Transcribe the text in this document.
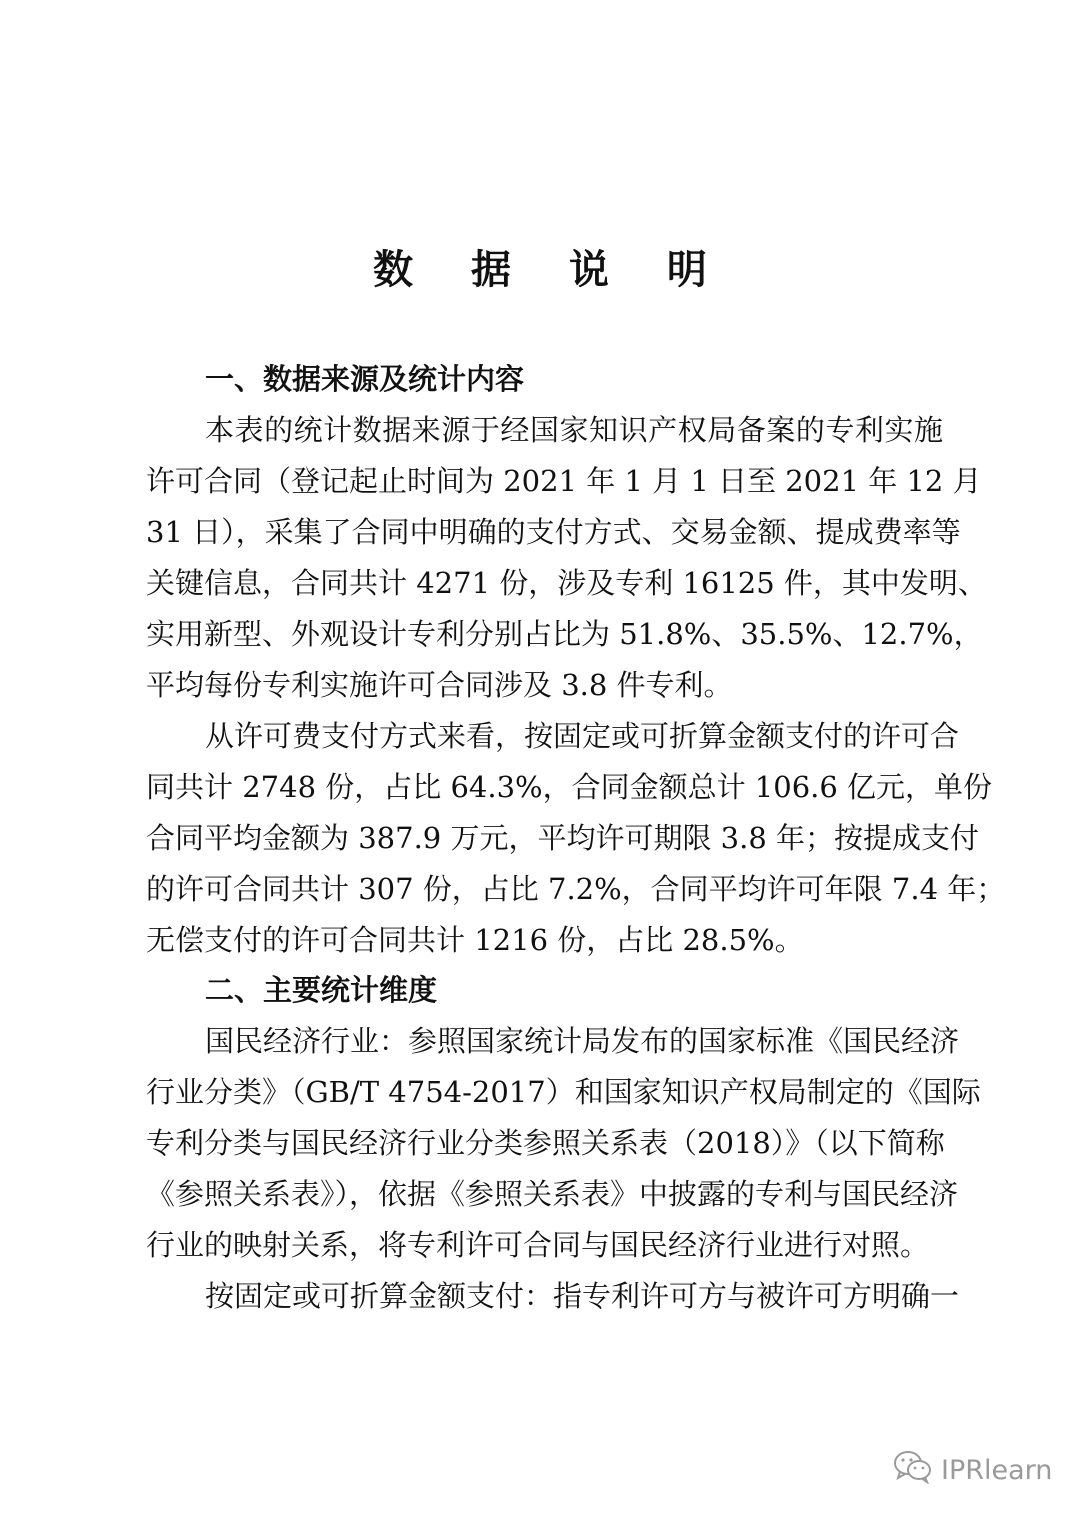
数 据 说 明
一、数据来源及统计内容
本表的统计数据来源于经国家知识产权局备案的专利实施
许可合同（登记起止时间为 2021 年 1 月 1 日至 2021 年 12 月
31 日），采集了合同中明确的支付方式、交易金额、提成费率等
关键信息，合同共计 4271 份，涉及专利 16125 件，其中发明、
实用新型、外观设计专利分别占比为 51.8%、35.5%、12.7%，
平均每份专利实施许可合同涉及 3.8 件专利。
从许可费支付方式来看，按固定或可折算金额支付的许可合
同共计 2748 份，占比 64.3%，合同金额总计 106.6 亿元，单份
合同平均金额为 387.9 万元，平均许可期限 3.8 年；按提成支付
的许可合同共计 307 份，占比 7.2%，合同平均许可年限 7.4 年；
无偿支付的许可合同共计 1216 份，占比 28.5%。
二、主要统计维度
国民经济行业：参照国家统计局发布的国家标准《国民经济
行业分类》（GB/T 4754-2017）和国家知识产权局制定的《国际
专利分类与国民经济行业分类参照关系表（2018）》（以下简称
《参照关系表》），依据《参照关系表》中披露的专利与国民经济
行业的映射关系，将专利许可合同与国民经济行业进行对照。
按固定或可折算金额支付：指专利许可方与被许可方明确一
IPRlearn
